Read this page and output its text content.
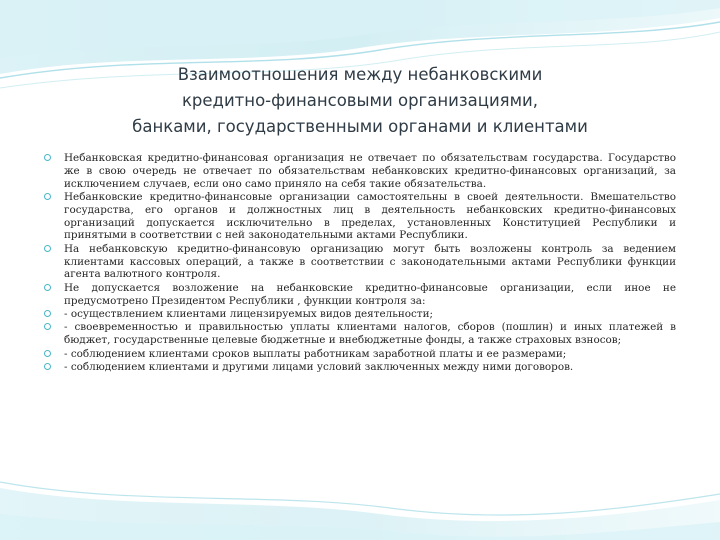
Взаимоотношения между небанковскими
кредитно-финансовыми организациями,
банками, государственными органами и клиентами
Небанковская кредитно-финансовая организация не отвечает по обязательствам государства. Государство же в свою очередь не отвечает по обязательствам небанковских кредитно-финансовых организаций, за исключением случаев, если оно само приняло на себя такие обязательства.
Небанковские кредитно-финансовые организации самостоятельны в своей деятельности. Вмешательство государства, его органов и должностных лиц в деятельность небанковских кредитно-финансовых организаций допускается исключительно в пределах, установленных Конституцией Республики и принятыми в соответствии с ней законодательными актами Республики.
На небанковскую кредитно-финансовую организацию могут быть возложены контроль за ведением клиентами кассовых операций, а также в соответствии с законодательными актами Республики функции агента валютного контроля.
Не допускается возложение на небанковские кредитно-финансовые организации, если иное не предусмотрено Президентом Республики , функции контроля за:
- осуществлением клиентами лицензируемых видов деятельности;
- своевременностью и правильностью уплаты клиентами налогов, сборов (пошлин) и иных платежей в бюджет, государственные целевые бюджетные и внебюджетные фонды, а также страховых взносов;
- соблюдением клиентами сроков выплаты работникам заработной платы и ее размерами;
- соблюдением клиентами и другими лицами условий заключенных между ними договоров.
